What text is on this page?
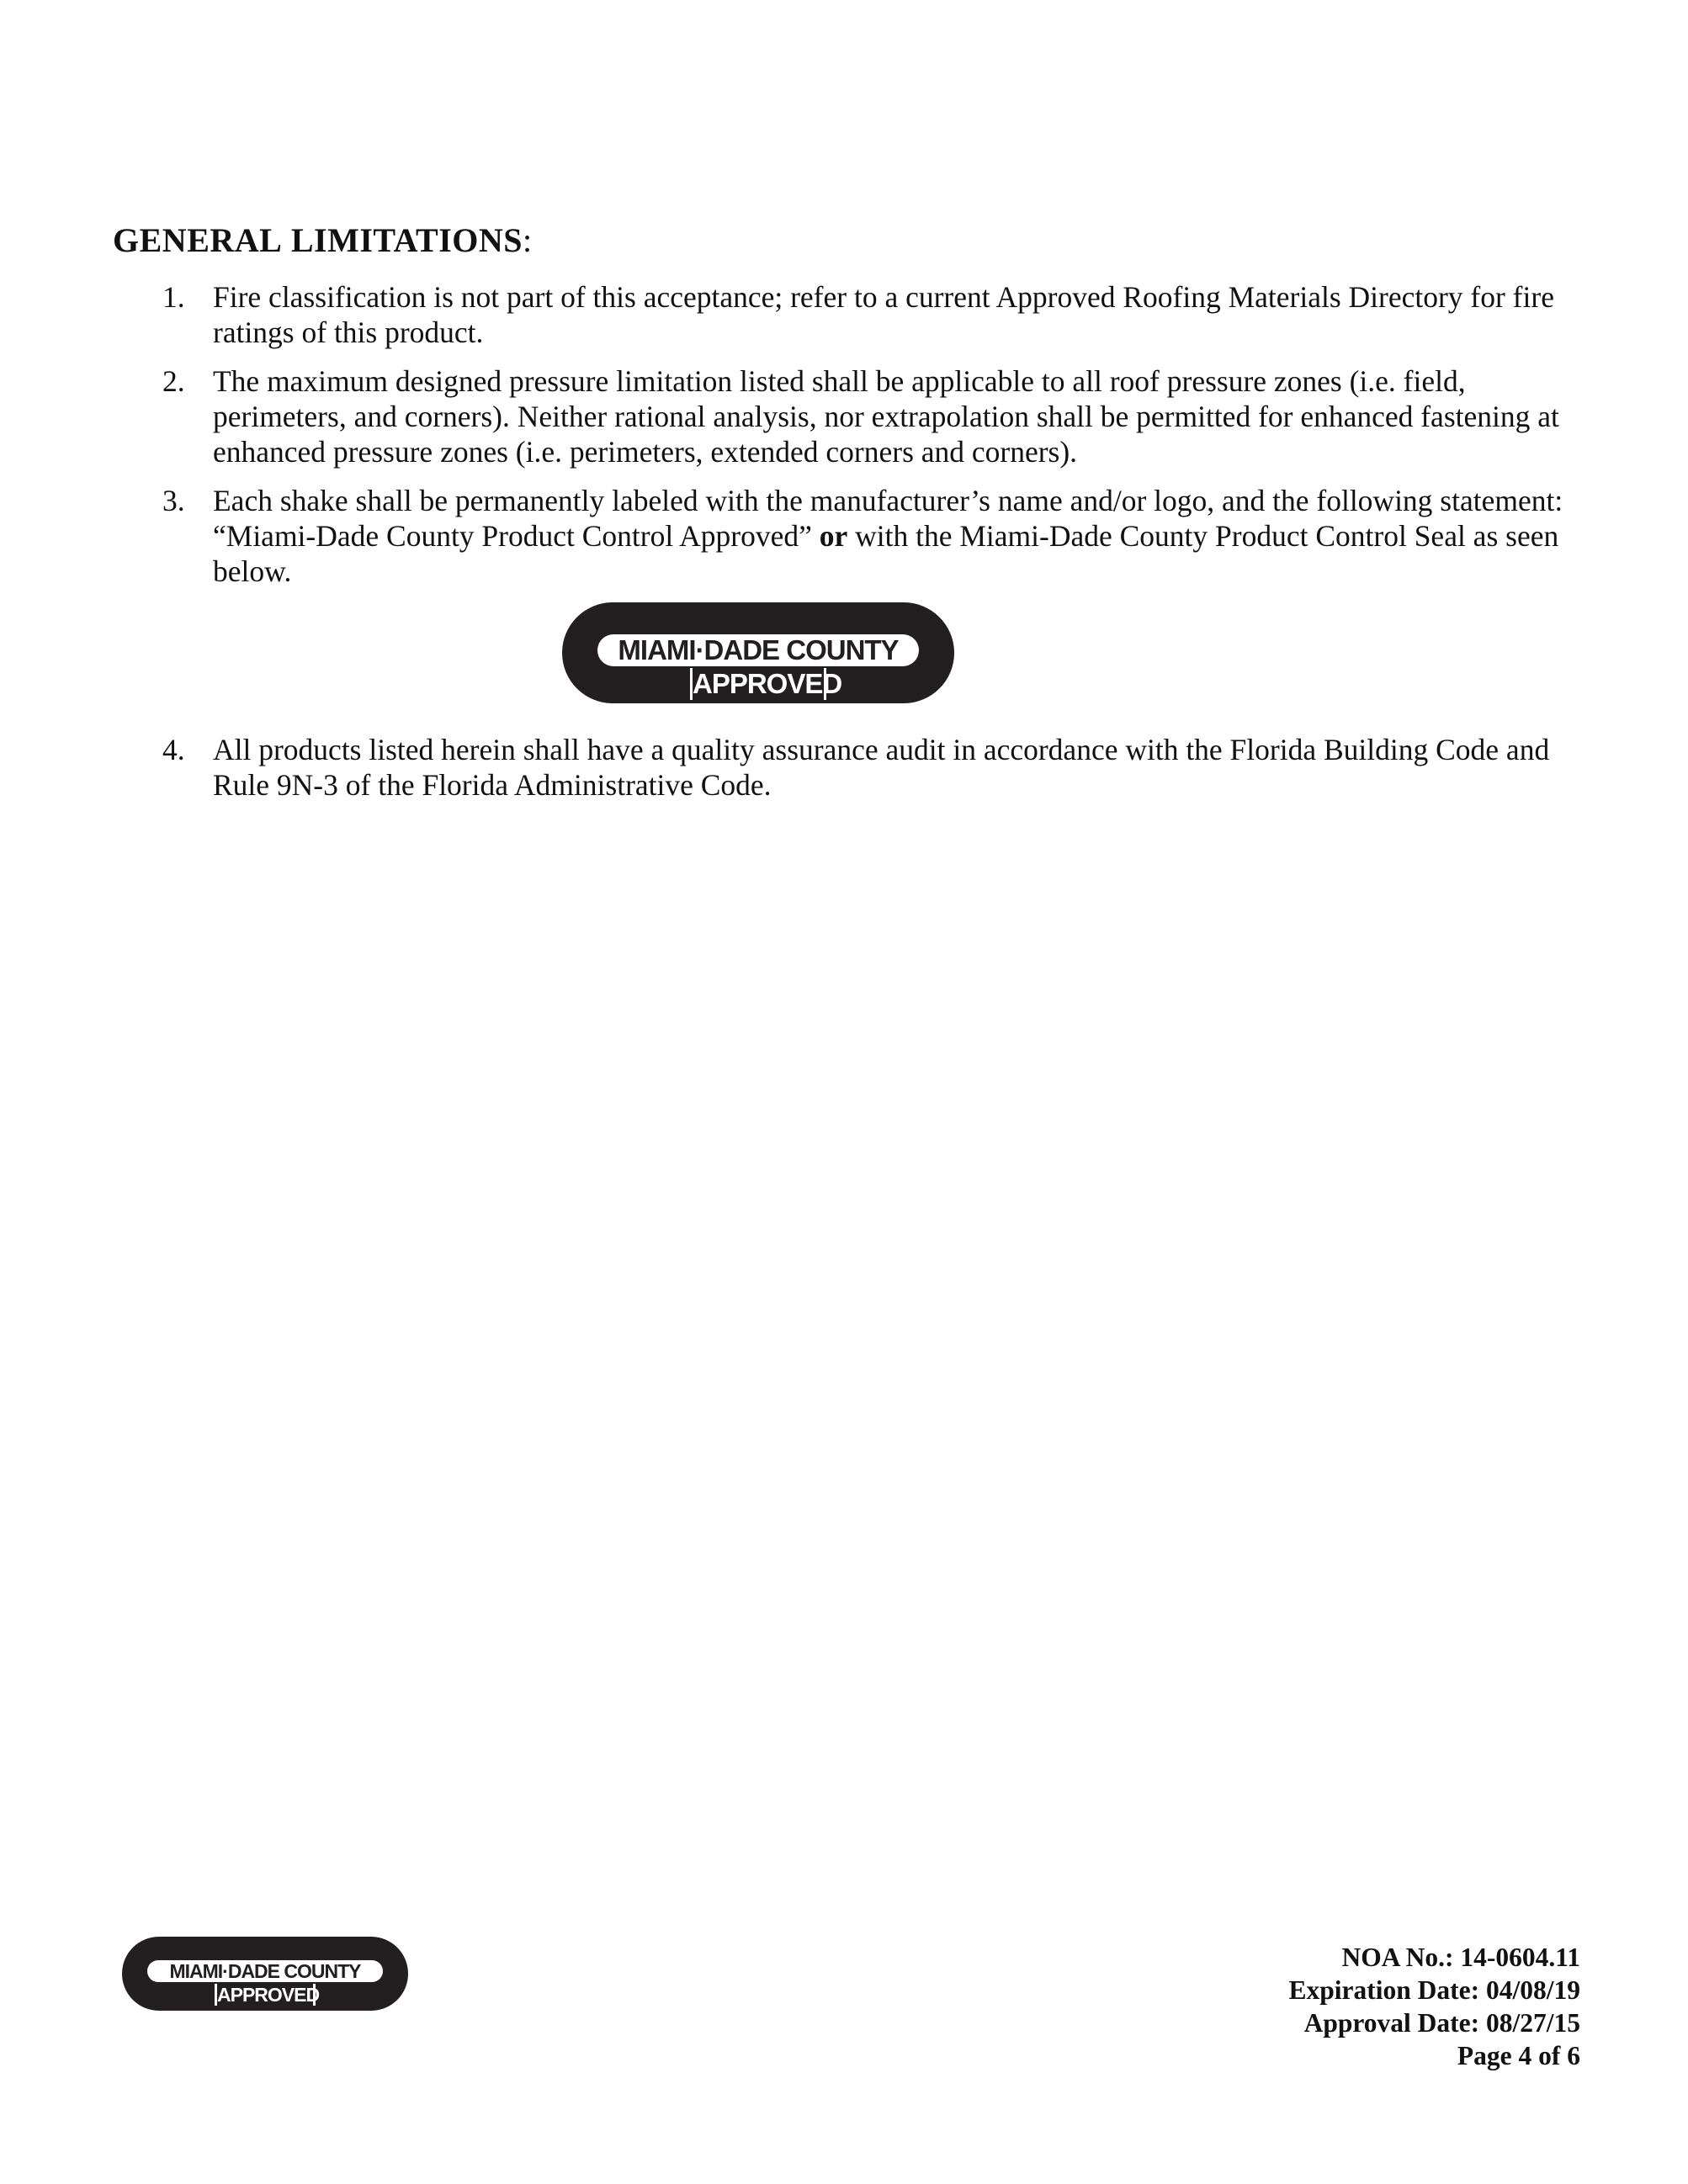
GENERAL LIMITATIONS:
1. Fire classification is not part of this acceptance; refer to a current Approved Roofing Materials Directory for fire ratings of this product.
2. The maximum designed pressure limitation listed shall be applicable to all roof pressure zones (i.e. field, perimeters, and corners). Neither rational analysis, nor extrapolation shall be permitted for enhanced fastening at enhanced pressure zones (i.e. perimeters, extended corners and corners).
3. Each shake shall be permanently labeled with the manufacturer’s name and/or logo, and the following statement: “Miami-Dade County Product Control Approved” or with the Miami-Dade County Product Control Seal as seen below.
MIAMI·DADE COUNTY
APPROVED
4. All products listed herein shall have a quality assurance audit in accordance with the Florida Building Code and Rule 9N-3 of the Florida Administrative Code.
MIAMI·DADE COUNTY
APPROVED
NOA No.: 14-0604.11
Expiration Date: 04/08/19
Approval Date: 08/27/15
Page 4 of 6
